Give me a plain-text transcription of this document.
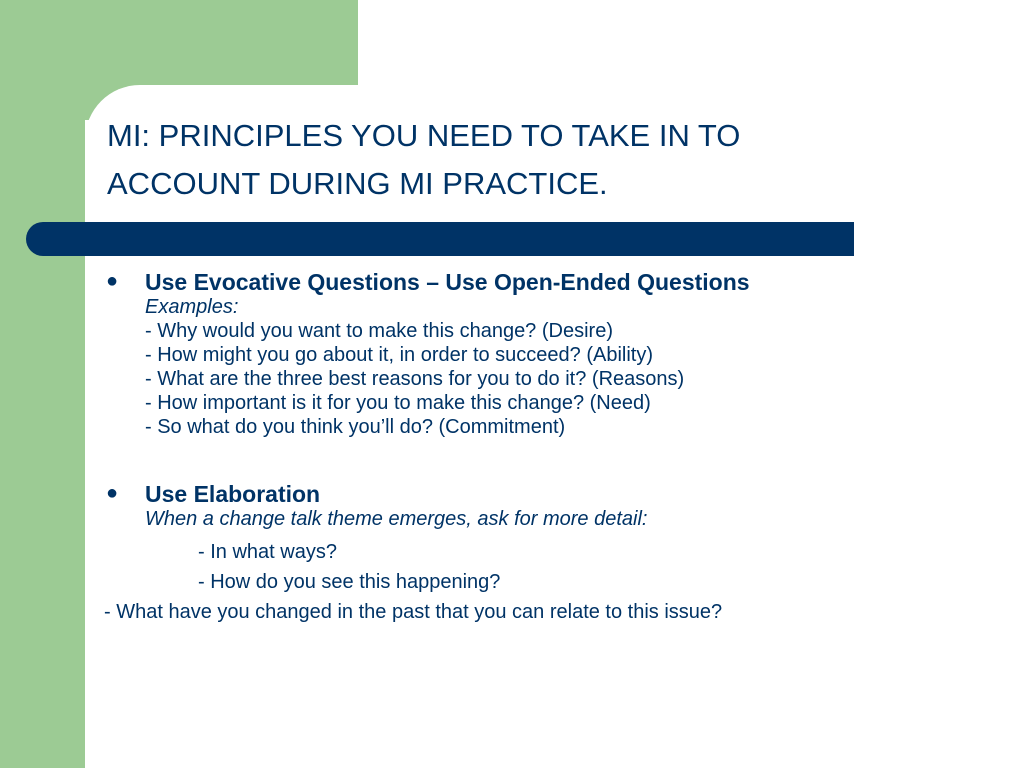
MI: PRINCIPLES YOU NEED TO TAKE IN TO
ACCOUNT DURING MI PRACTICE.
● Use Evocative Questions – Use Open-Ended Questions
Examples:
- Why would you want to make this change? (Desire)
- How might you go about it, in order to succeed? (Ability)
- What are the three best reasons for you to do it? (Reasons)
- How important is it for you to make this change? (Need)
- So what do you think you’ll do? (Commitment)
● Use Elaboration
When a change talk theme emerges, ask for more detail:
- In what ways?
- How do you see this happening?
- What have you changed in the past that you can relate to this issue?
